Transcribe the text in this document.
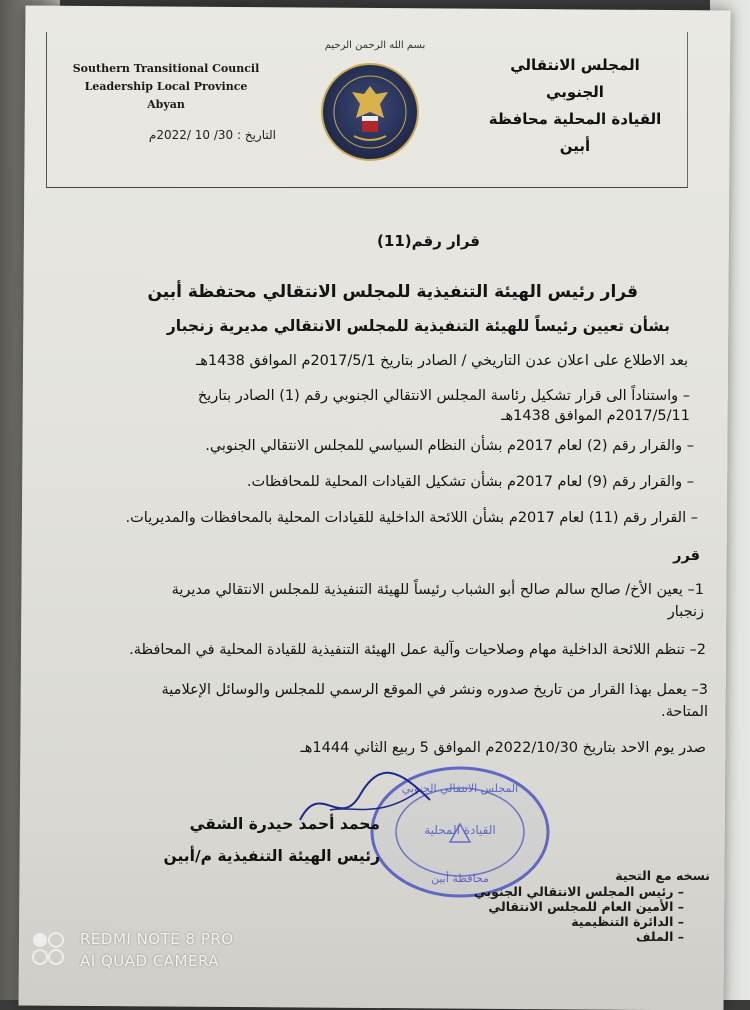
Southern Transitional Council
Leadership Local Province
Abyan
التاريخ : 30/ 10 /2022م
بسم الله الرحمن الرحيم
المجلس الانتقالي الجنوبي
القيادة المحلية محافظة
أبين
قرار رقم(11)
قرار رئيس الهيئة التنفيذية للمجلس الانتقالي محتفظة أبين
بشأن تعيين رئيساً للهيئة التنفيذية للمجلس الانتقالي مديرية زنجبار
بعد الاطلاع على اعلان عدن التاريخي / الصادر بتاريخ 2017/5/1م الموافق 1438هـ
– واستناداً الى قرار تشكيل رئاسة المجلس الانتقالي الجنوبي رقم (1) الصادر بتاريخ
2017/5/11م الموافق 1438هـ
– والقرار رقم (2) لعام 2017م بشأن النظام السياسي للمجلس الانتقالي الجنوبي.
– والقرار رقم (9) لعام 2017م بشأن تشكيل القيادات المحلية للمحافظات.
– القرار رقم (11) لعام 2017م بشأن اللائحة الداخلية للقيادات المحلية بالمحافظات والمديريات.
قرر
1– يعين الأخ/ صالح سالم صالح أبو الشباب رئيساً للهيئة التنفيذية للمجلس الانتقالي مديرية
زنجبار
2– تنظم اللائحة الداخلية مهام وصلاحيات وآلية عمل الهيئة التنفيذية للقيادة المحلية في المحافظة.
3– يعمل بهذا القرار من تاريخ صدوره ونشر في الموقع الرسمي للمجلس والوسائل الإعلامية
المتاحة.
صدر يوم الاحد بتاريخ 2022/10/30م الموافق 5 ربيع الثاني 1444هـ
المجلس الانتقالي الجنوبي
القيادة المحلية
محافظة أبين
محمد أحمد حيدرة الشقي
رئيس الهيئة التنفيذية م/أبين
نسخه مع التحية
– رئيس المجلس الانتقالي الجنوبي
– الأمين العام للمجلس الانتقالي
– الدائرة التنظيمية
– الملف
REDMI NOTE 8 PRO
AI QUAD CAMERA
